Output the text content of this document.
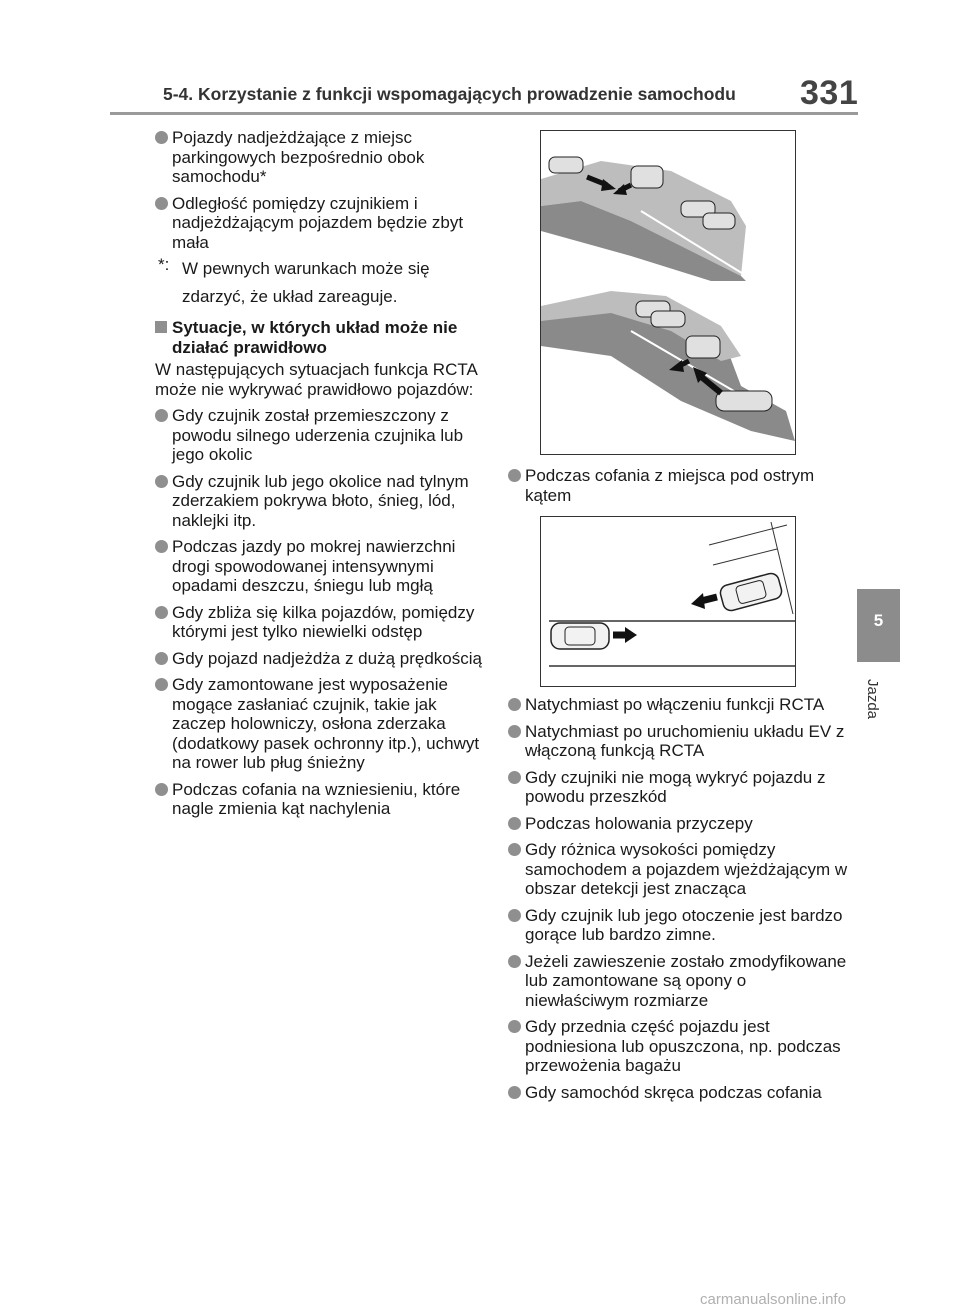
5-4. Korzystanie z funkcji wspomagających prowadzenie samochodu 331
5
Jazda
Pojazdy nadjeżdżające z miejsc parkingowych bezpośrednio obok samochodu*
Odległość pomiędzy czujnikiem i nadjeżdżającym pojazdem będzie zbyt mała
*: W pewnych warunkach może się zdarzyć, że układ zareaguje.
Sytuacje, w których układ może nie działać prawidłowo
W następujących sytuacjach funkcja RCTA może nie wykrywać prawidłowo pojazdów:
Gdy czujnik został przemieszczony z powodu silnego uderzenia czujnika lub jego okolic
Gdy czujnik lub jego okolice nad tylnym zderzakiem pokrywa błoto, śnieg, lód, naklejki itp.
Podczas jazdy po mokrej nawierzchni drogi spowodowanej intensywnymi opadami deszczu, śniegu lub mgłą
Gdy zbliża się kilka pojazdów, pomiędzy którymi jest tylko niewielki odstęp
Gdy pojazd nadjeżdża z dużą prędkością
Gdy zamontowane jest wyposażenie mogące zasłaniać czujnik, takie jak zaczep holowniczy, osłona zderzaka (dodatkowy pasek ochronny itp.), uchwyt na rower lub pług śnieżny
Podczas cofania na wzniesieniu, które nagle zmienia kąt nachylenia
Podczas cofania z miejsca pod ostrym kątem
Natychmiast po włączeniu funkcji RCTA
Natychmiast po uruchomieniu układu EV z włączoną funkcją RCTA
Gdy czujniki nie mogą wykryć pojazdu z powodu przeszkód
Podczas holowania przyczepy
Gdy różnica wysokości pomiędzy samochodem a pojazdem wjeżdżającym w obszar detekcji jest znacząca
Gdy czujnik lub jego otoczenie jest bardzo gorące lub bardzo zimne.
Jeżeli zawieszenie zostało zmodyfikowane lub zamontowane są opony o niewłaściwym rozmiarze
Gdy przednia część pojazdu jest podniesiona lub opuszczona, np. podczas przewożenia bagażu
Gdy samochód skręca podczas cofania
carmanualsonline.info
